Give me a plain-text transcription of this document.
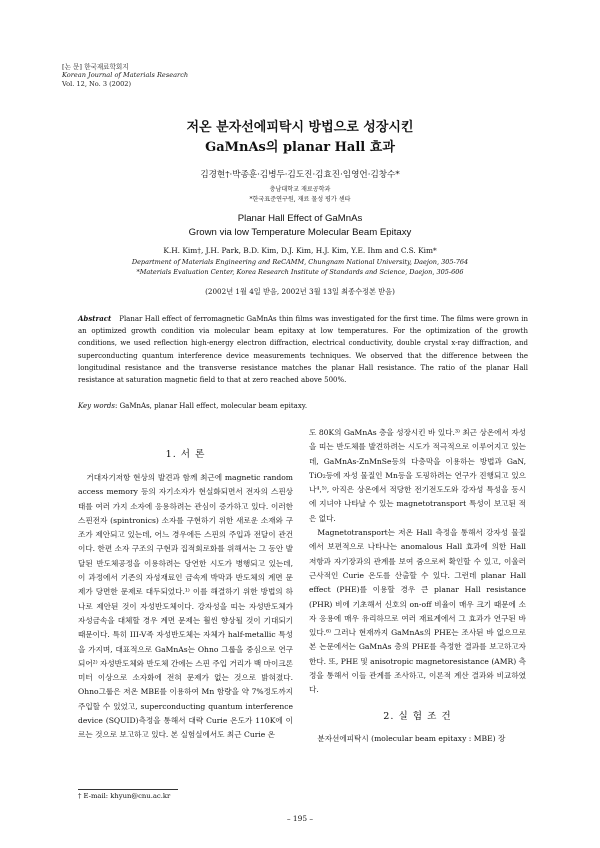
[논 문] 한국재료학회지
Korean Journal of Materials Research
Vol. 12, No. 3 (2002)
저온 분자선에피탁시 방법으로 성장시킨
GaMnAs의 planar Hall 효과
김경현†·박종훈·김병두·김도진·김효진·임영언·김창수*
충남대학교 재료공학과
*한국표준연구원, 재료 물성 평가 센타
Planar Hall Effect of GaMnAs
Grown via low Temperature Molecular Beam Epitaxy
K.H. Kim†, J.H. Park, B.D. Kim, D.J. Kim, H.J. Kim, Y.E. Ihm and C.S. Kim*
Department of Materials Engineering and ReCAMM, Chungnam National University, Daejon, 305-764
*Materials Evaluation Center, Korea Research Institute of Standards and Science, Daejon, 305-606
(2002년 1월 4일 받음, 2002년 3월 13일 최종수정본 받음)
Abstract Planar Hall effect of ferromagnetic GaMnAs thin films was investigated for the first time. The films were grown in an optimized growth condition via molecular beam epitaxy at low temperatures. For the optimization of the growth conditions, we used reflection high-energy electron diffraction, electrical conductivity, double crystal x-ray diffraction, and superconducting quantum interference device measurements techniques. We observed that the difference between the longitudinal resistance and the transverse resistance matches the planar Hall resistance. The ratio of the planar Hall resistance at saturation magnetic field to that at zero reached above 500%.
Key words: GaMnAs, planar Hall effect, molecular beam epitaxy.
1. 서 론

거대자기저항 현상의 발견과 함께 최근에 magnetic random access memory 등의 자기소자가 현실화되면서 전자의 스핀상태를 여러 가지 소자에 응용하려는 관심이 증가하고 있다. 이러한 스핀전자 (spintronics) 소자를 구현하기 위한 새로운 소재와 구조가 제안되고 있는데, 어느 경우에든 스핀의 주입과 전달이 관건이다. 한편 소자 구조의 구현과 집적회로화를 위해서는 그 동안 발달된 반도체공정을 이용하려는 당연한 시도가 병행되고 있는데, 이 과정에서 기존의 자성재료인 금속계 박막과 반도체의 계면 문제가 당면한 문제로 대두되었다.¹⁾ 이를 해결하기 위한 방법의 하나로 제안된 것이 자성반도체이다. 강자성을 띠는 자성반도체가 자성금속을 대체할 경우 계면 문제는 훨씬 향상될 것이 기대되기 때문이다. 특히 III-V족 자성반도체는 자체가 half-metallic 특성을 가지며, 대표적으로 GaMnAs는 Ohno 그룹을 중심으로 연구되어²⁾ 자성반도체와 반도체 간에는 스핀 주입 거리가 백 마이크론미터 이상으로 소자화에 전혀 문제가 없는 것으로 밝혀졌다. Ohno그룹은 저온 MBE를 이용하여 Mn 함량을 약 7%정도까지 주입할 수 있었고, superconducting quantum interference device (SQUID)측정을 통해서 대략 Curie 온도가 110K에 이르는 것으로 보고하고 있다. 본 실험실에서도 최근 Curie 온

도 80K의 GaMnAs 층을 성장시킨 바 있다.³⁾ 최근 상온에서 자성을 띠는 반도체를 발견하려는 시도가 적극적으로 이루어지고 있는데, GaMnAs-ZnMnSe등의 다층막을 이용하는 방법과 GaN, TiO₂등에 자성 물질인 Mn등을 도핑하려는 연구가 진행되고 있으나⁴,⁵⁾, 아직은 상온에서 적당한 전기전도도와 강자성 특성을 동시에 지녀야 나타날 수 있는 magnetotransport 특성이 보고된 적은 없다.

Magnetotransport는 저온 Hall 측정을 통해서 강자성 물질에서 보편적으로 나타나는 anomalous Hall 효과에 의한 Hall 저항과 자기장과의 관계를 보여 줌으로써 확인할 수 있고, 이울러 근사적인 Curie 온도를 산출할 수 있다. 그런데 planar Hall effect (PHE)를 이용할 경우 큰 planar Hall resistance (PHR) 비에 기초해서 신호의 on-off 비율이 매우 크기 때문에 소자 응용에 매우 유리하므로 여러 재료계에서 그 효과가 연구된 바 있다.⁶⁾ 그러나 현재까지 GaMnAs의 PHE는 조사된 바 없으므로 본 논문에서는 GaMnAs 층의 PHE를 측정한 결과를 보고하고자 한다. 또, PHE 및 anisotropic magnetoresistance (AMR) 측정을 통해서 이들 관계를 조사하고, 이론적 계산 결과와 비교하였다.

2. 실 험 조 건

분자선에피탁시 (molecular beam epitaxy : MBE) 장

† E-mail: khyun@cnu.ac.kr
– 195 –
